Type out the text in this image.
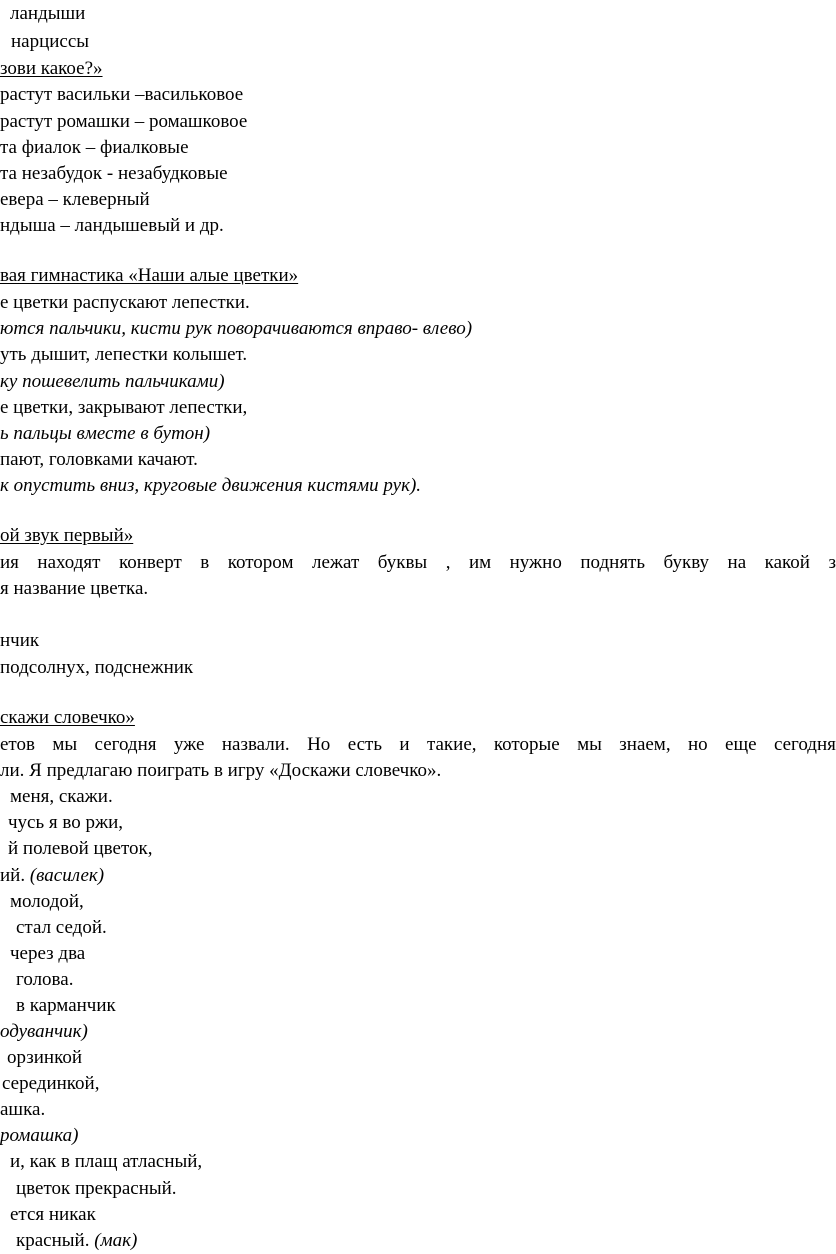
ландыши
нарциссы
зови какое?»
растут васильки –васильковое
растут ромашки – ромашковое
та фиалок – фиалковые
та незабудок - незабудковые
евера – клеверный
ндыша – ландышевый и др.
вая гимнастика «Наши алые цветки»
е цветки распускают лепестки.
ются пальчики, кисти рук поворачиваются вправо- влево)
уть дышит, лепестки колышет.
ку пошевелить пальчиками)
е цветки, закрывают лепестки,
ь пальцы вместе в бутон)
пают, головками качают.
к опустить вниз, круговые движения кистями рук).
ой звук первый»
ия находят конверт в котором лежат буквы , им нужно поднять букву на какой з
я название цветка.
нчик
подсолнух, подснежник
скажи словечко»
етов мы сегодня уже назвали. Но есть и такие, которые мы знаем, но еще сегодня
ли. Я предлагаю поиграть в игру «Доскажи словечко».
меня, скажи.
чусь я во ржи,
й полевой цветок,
ий. (василек)
молодой,
стал седой.
через два
голова.
в карманчик
одуванчик)
орзинкой
серединкой,
ашка.
ромашка)
и, как в плащ атласный,
цветок прекрасный.
ется никак
красный. (мак)
